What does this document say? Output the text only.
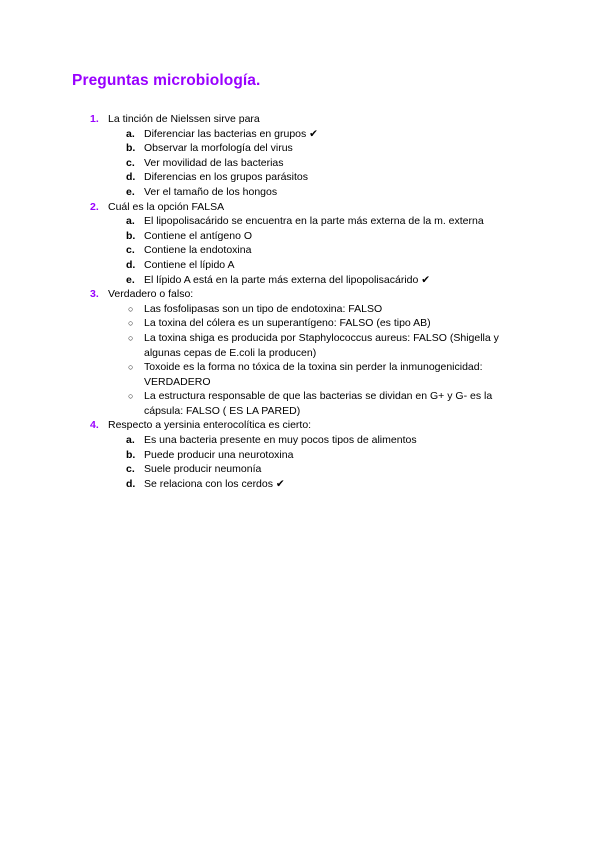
Preguntas microbiología.
1. La tinción de Nielssen sirve para
a. Diferenciar las bacterias en grupos ✔
b. Observar la morfología del virus
c. Ver movilidad de las bacterias
d. Diferencias en los grupos parásitos
e. Ver el tamaño de los hongos
2. Cuál es la opción FALSA
a. El lipopolisacárido se encuentra en la parte más externa de la m. externa
b. Contiene el antígeno O
c. Contiene la endotoxina
d. Contiene el lípido A
e. El lípido A está en la parte más externa del lipopolisacárido ✔
3. Verdadero o falso:
○ Las fosfolipasas son un tipo de endotoxina: FALSO
○ La toxina del cólera es un superantígeno: FALSO (es tipo AB)
○ La toxina shiga es producida por Staphylococcus aureus: FALSO (Shigella y algunas cepas de E.coli la producen)
○ Toxoide es la forma no tóxica de la toxina sin perder la inmunogenicidad: VERDADERO
○ La estructura responsable de que las bacterias se dividan en G+ y G- es la cápsula: FALSO ( ES LA PARED)
4. Respecto a yersinia enterocolítica es cierto:
a. Es una bacteria presente en muy pocos tipos de alimentos
b. Puede producir una neurotoxina
c. Suele producir neumonía
d. Se relaciona con los cerdos ✔
